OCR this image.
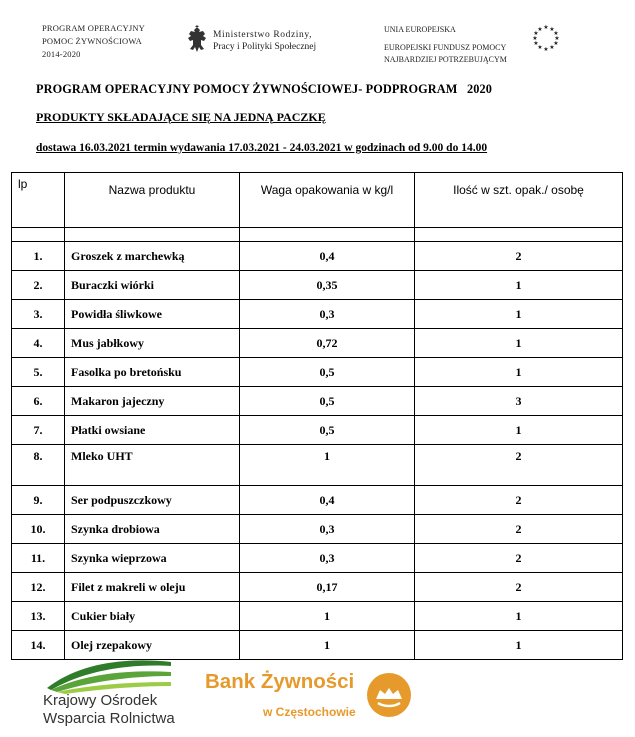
PROGRAM OPERACYJNY
POMOC ŻYWNOŚCIOWA
2014-2020
Ministerstwo Rodziny,
Pracy i Polityki Społecznej
UNIA EUROPEJSKA
EUROPEJSKI FUNDUSZ POMOCY
NAJBARDZIEJ POTRZEBUJĄCYM
★ ★
★
★
★
★
★
★
★
★
★
★
PROGRAM OPERACYJNY POMOCY ŻYWNOŚCIOWEJ- PODPROGRAM   2020
PRODUKTY SKŁADAJĄCE SIĘ NA JEDNĄ PACZKĘ
dostawa 16.03.2021 termin wydawania 17.03.2021 - 24.03.2021 w godzinach od 9.00 do 14.00
lp	Nazwa produktu	Waga opakowania w kg/l	Ilość w szt. opak./ osobę

1.	Groszek z marchewką	0,4	2
2.	Buraczki wiórki	0,35	1
3.	Powidła śliwkowe	0,3	1
4.	Mus jabłkowy	0,72	1
5.	Fasolka po bretońsku	0,5	1
6.	Makaron jajeczny	0,5	3
7.	Płatki owsiane	0,5	1
8.	Mleko UHT	1	2
9.	Ser podpuszczkowy	0,4	2
10.	Szynka drobiowa	0,3	2
11.	Szynka wieprzowa	0,3	2
12.	Filet z makreli w oleju	0,17	2
13.	Cukier biały	1	1
14.	Olej rzepakowy	1	1
Krajowy Ośrodek
Wsparcia Rolnictwa
Bank Żywności
w Częstochowie
